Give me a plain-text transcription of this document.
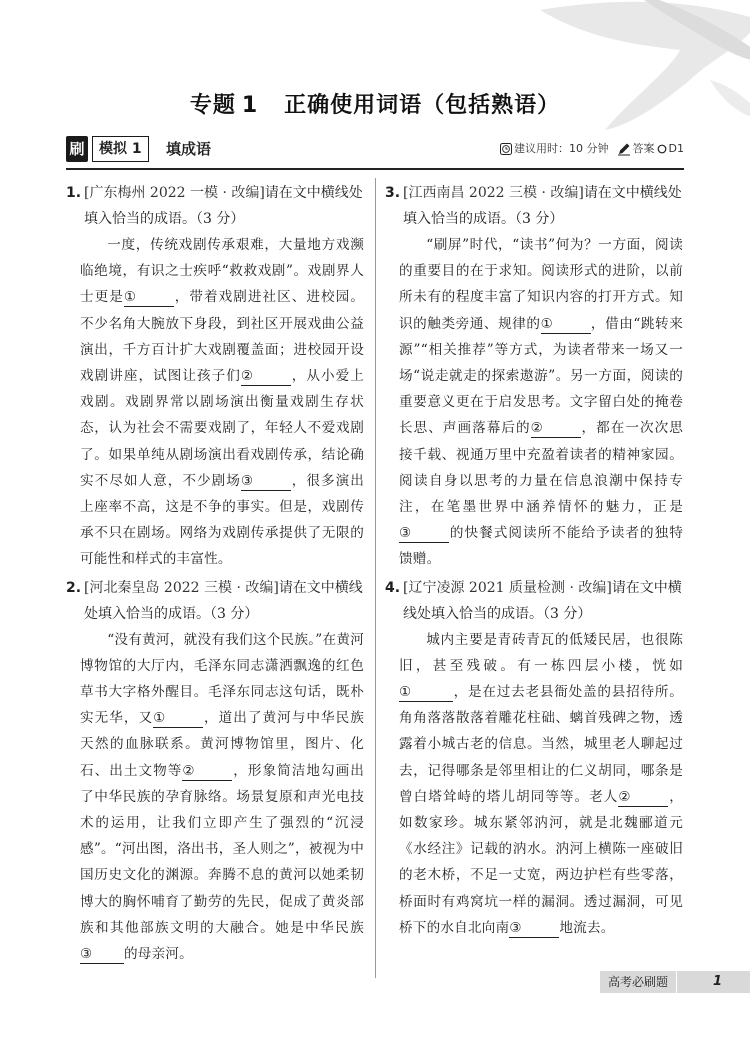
专题 1 正确使用词语（包括熟语）
刷	模拟 1	填成语	建议用时：10 分钟 答案 D1

1. [广东梅州 2022 一模 · 改编]请在文中横线处填入恰当的成语。（3 分）

一度，传统戏剧传承艰难，大量地方戏濒临绝境，有识之士疾呼“救救戏剧”。戏剧界人士更是①	，带着戏剧进社区、进校园。不少名角大腕放下身段，到社区开展戏曲公益演出，千方百计扩大戏剧覆盖面；进校园开设戏剧讲座，试图让孩子们②	，从小爱上戏剧。戏剧界常以剧场演出衡量戏剧生存状态，认为社会不需要戏剧了，年轻人不爱戏剧了。如果单纯从剧场演出看戏剧传承，结论确实不尽如人意，不少剧场③	，很多演出上座率不高，这是不争的事实。但是，戏剧传承不只在剧场。网络为戏剧传承提供了无限的可能性和样式的丰富性。

2. [河北秦皇岛 2022 三模 · 改编]请在文中横线处填入恰当的成语。（3 分）

“没有黄河，就没有我们这个民族。”在黄河博物馆的大厅内，毛泽东同志潇洒飘逸的红色草书大字格外醒目。毛泽东同志这句话，既朴实无华，又①	，道出了黄河与中华民族天然的血脉联系。黄河博物馆里，图片、化石、出土文物等②	，形象简洁地勾画出了中华民族的孕育脉络。场景复原和声光电技术的运用，让我们立即产生了强烈的“沉浸感”。“河出图，洛出书，圣人则之”，被视为中国历史文化的渊源。奔腾不息的黄河以她柔韧博大的胸怀哺育了勤劳的先民，促成了黄炎部族和其他部族文明的大融合。她是中华民族③ 的母亲河。

3. [江西南昌 2022 三模 · 改编]请在文中横线处填入恰当的成语。（3 分）

“刷屏”时代，“读书”何为？一方面，阅读的重要目的在于求知。阅读形式的进阶，以前所未有的程度丰富了知识内容的打开方式。知识的触类旁通、规律的①	，借由“跳转来源”“相关推荐”等方式，为读者带来一场又一场“说走就走的探索遨游”。另一方面，阅读的重要意义更在于启发思考。文字留白处的掩卷长思、声画落幕后的②	，都在一次次思接千载、视通万里中充盈着读者的精神家园。阅读自身以思考的力量在信息浪潮中保持专注，在笔墨世界中涵养情怀的魅力，正是③	的快餐式阅读所不能给予读者的独特馈赠。

4. [辽宁凌源 2021 质量检测 · 改编]请在文中横线处填入恰当的成语。（3 分）

城内主要是青砖青瓦的低矮民居，也很陈旧，甚至残破。有一栋四层小楼，恍如①	，是在过去老县衙处盖的县招待所。角角落落散落着雕花柱础、螭首残碑之物，透露着小城古老的信息。当然，城里老人聊起过去，记得哪条是邻里相让的仁义胡同，哪条是曾白塔耸峙的塔儿胡同等等。老人②	，如数家珍。城东紧邻汭河，就是北魏郦道元《水经注》记载的汭水。汭河上横陈一座破旧的老木桥，不足一丈宽，两边护栏有些零落，桥面时有鸡窝坑一样的漏洞。透过漏洞，可见桥下的水自北向南③	地流去。

高考必刷题	1
